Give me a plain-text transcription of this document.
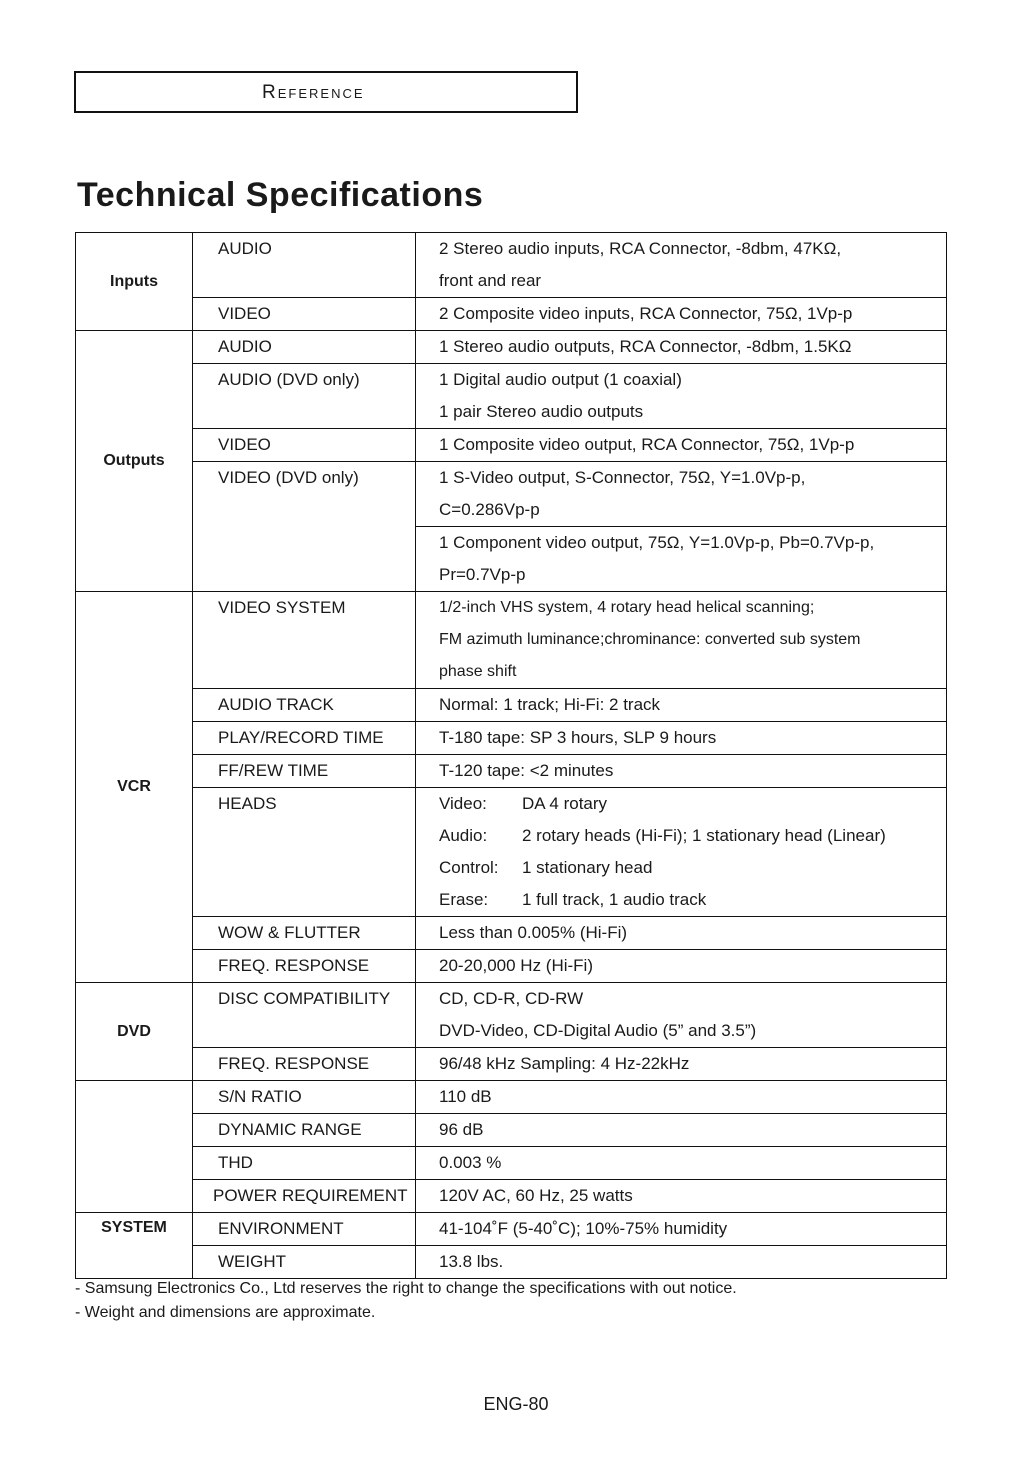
Reference
Technical Specifications
Inputs	AUDIO	2 Stereo audio inputs, RCA Connector, -8dbm, 47KΩ,
front and rear

	VIDEO	2 Composite video inputs, RCA Connector, 75Ω, 1Vp-p

Outputs	AUDIO	1 Stereo audio outputs, RCA Connector, -8dbm, 1.5KΩ

	AUDIO (DVD only)	1 Digital audio output (1 coaxial)
1 pair Stereo audio outputs

	VIDEO	1 Composite video output, RCA Connector, 75Ω, 1Vp-p

	VIDEO (DVD only)	1 S-Video output, S-Connector, 75Ω, Y=1.0Vp-p,
C=0.286Vp-p

		1 Component video output, 75Ω, Y=1.0Vp-p, Pb=0.7Vp-p,
Pr=0.7Vp-p

VCR	VIDEO SYSTEM	1/2-inch VHS system, 4 rotary head helical scanning;
FM azimuth luminance;chrominance: converted sub system
phase shift

	AUDIO TRACK	Normal: 1 track; Hi-Fi: 2 track

	PLAY/RECORD TIME	T-180 tape: SP 3 hours, SLP 9 hours

	FF/REW TIME	T-120 tape: <2 minutes

	HEADS	Video: DA 4 rotary
Audio: 2 rotary heads (Hi-Fi); 1 stationary head (Linear)
Control: 1 stationary head
Erase: 1 full track, 1 audio track

	WOW & FLUTTER	Less than 0.005% (Hi-Fi)

	FREQ. RESPONSE	20-20,000 Hz (Hi-Fi)

DVD	DISC COMPATIBILITY	CD, CD-R, CD-RW
DVD-Video, CD-Digital Audio (5” and 3.5”)

	FREQ. RESPONSE	96/48 kHz Sampling: 4 Hz-22kHz

	S/N RATIO	110 dB

	DYNAMIC RANGE	96 dB

	THD	0.003 %

	POWER REQUIREMENT	120V AC, 60 Hz, 25 watts

SYSTEM	ENVIRONMENT	41-104˚F (5-40˚C); 10%-75% humidity

	WEIGHT	13.8 lbs.
- Samsung Electronics Co., Ltd reserves the right to change the specifications with out notice.
- Weight and dimensions are approximate.
ENG-80
